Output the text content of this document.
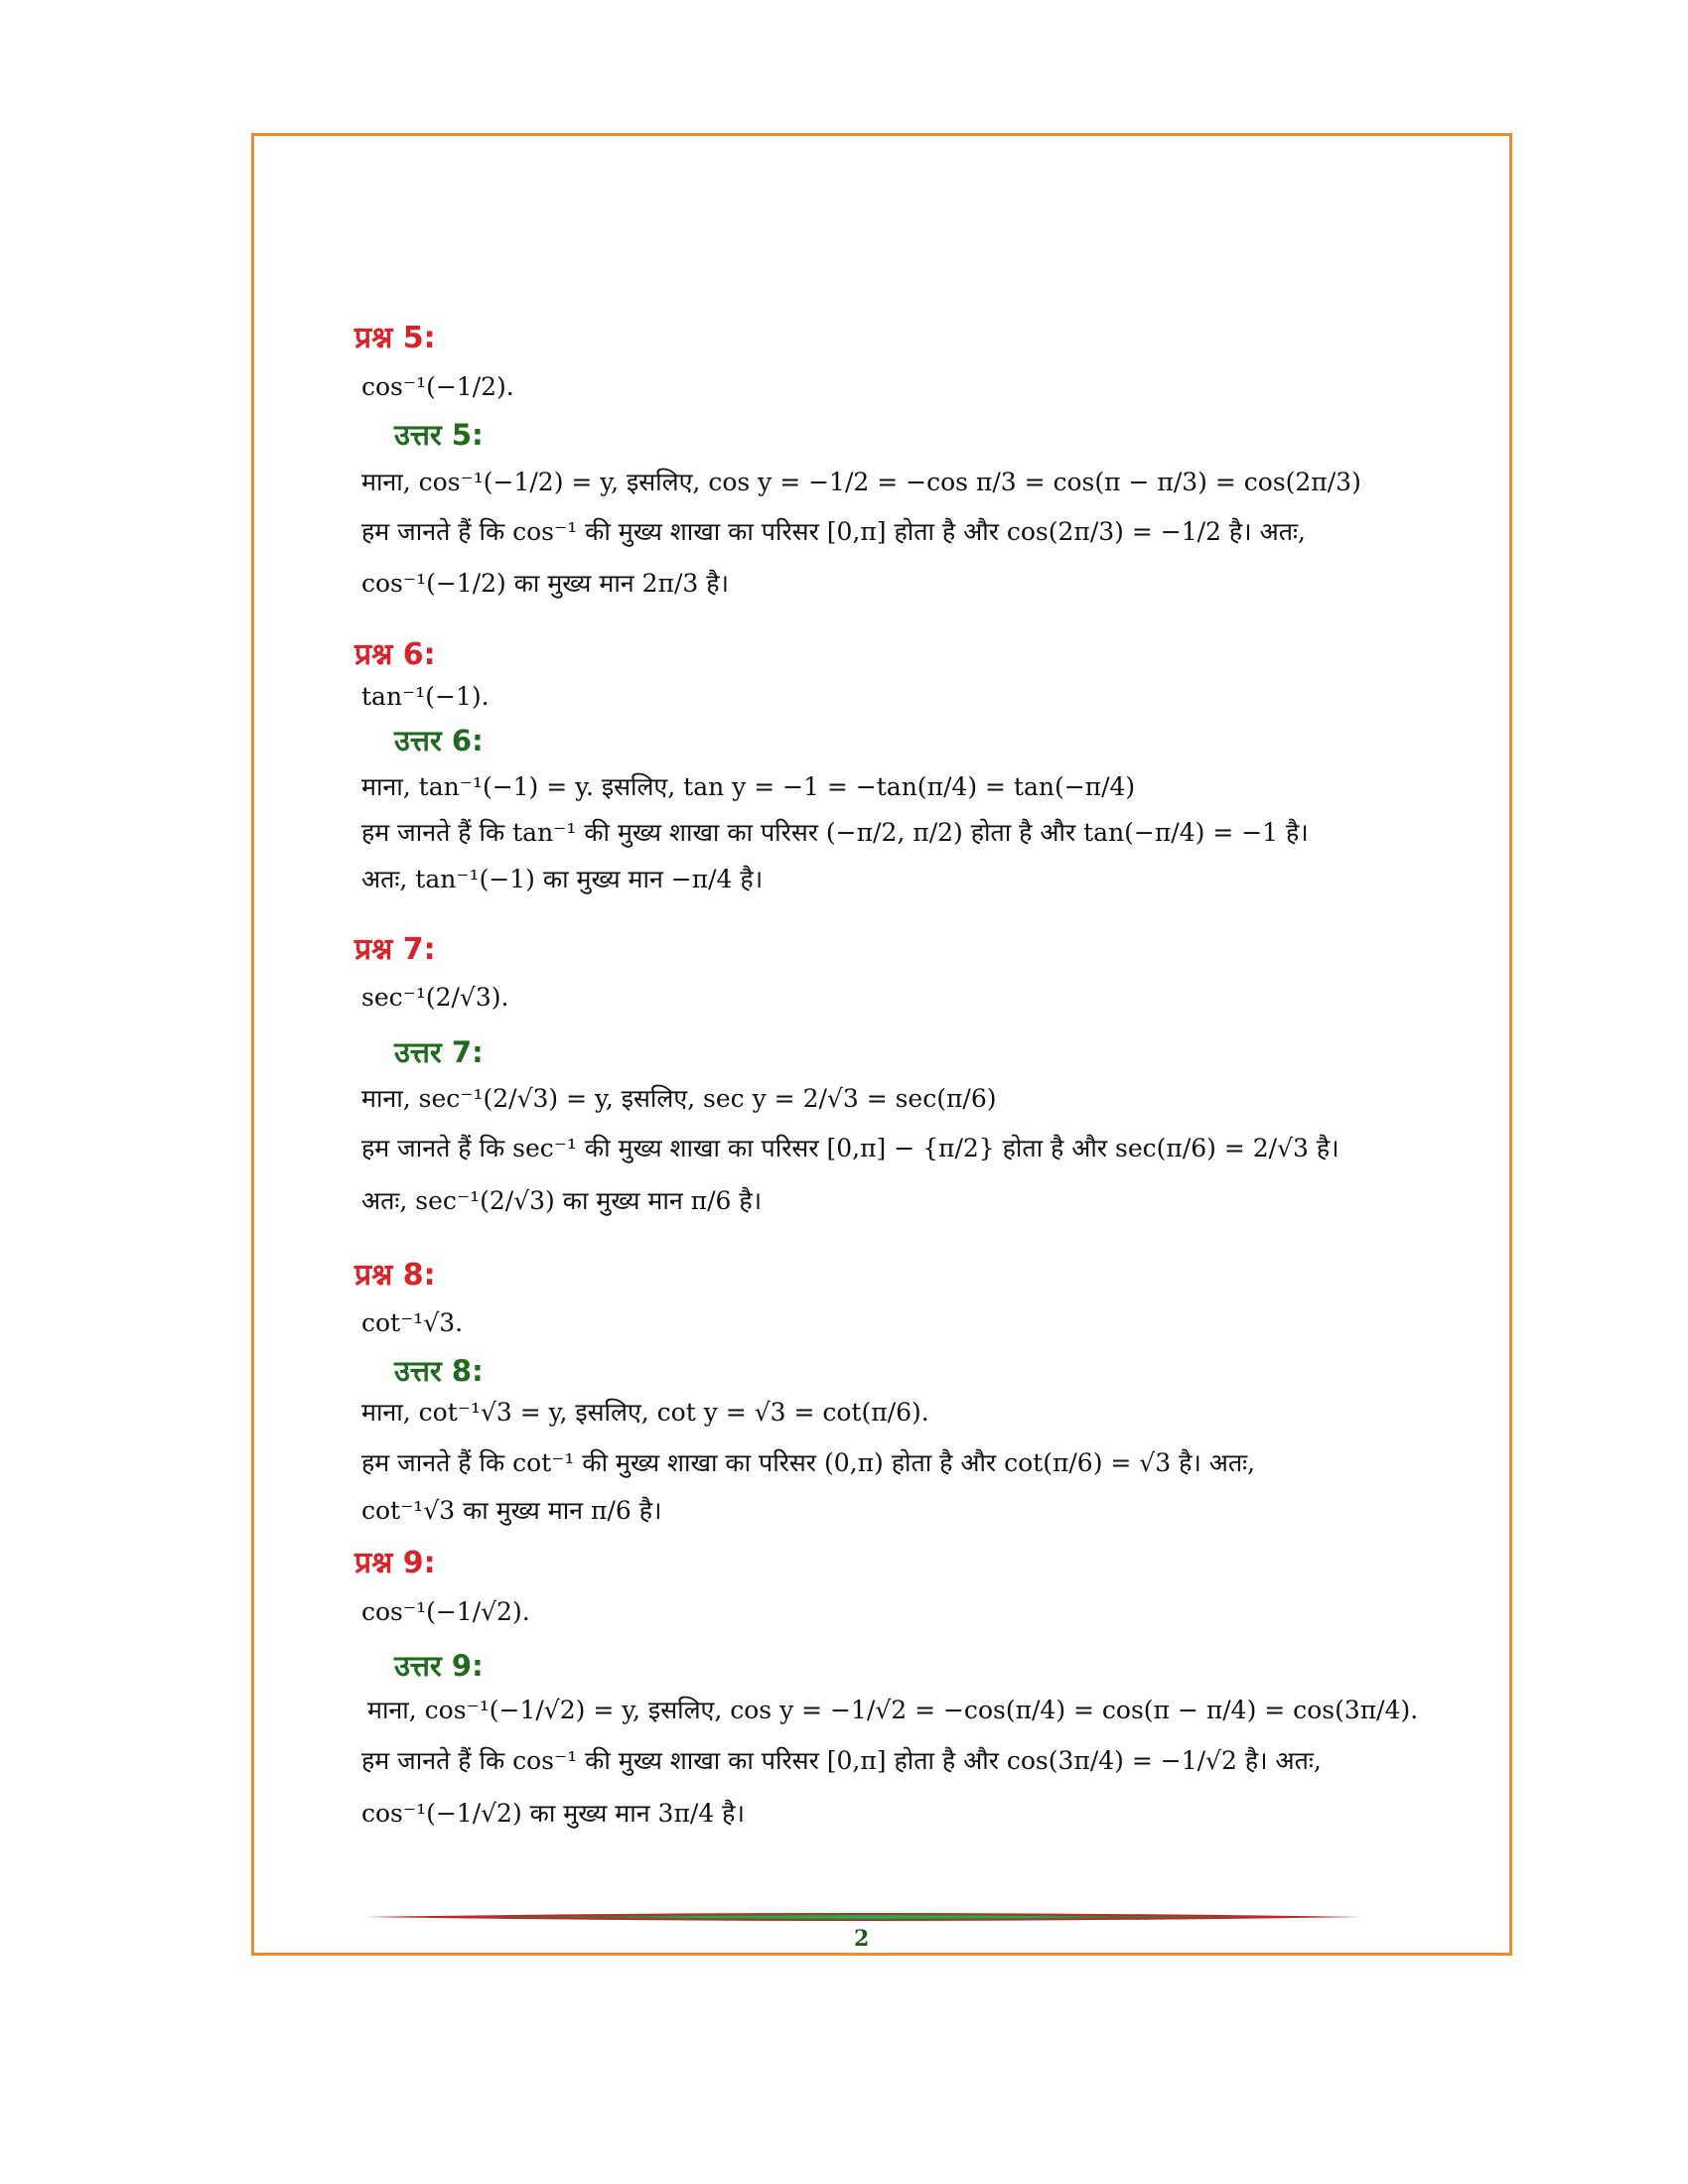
प्रश्न 5:
cos⁻¹(−1/2).
उत्तर 5:
माना, cos⁻¹(−1/2) = y, इसलिए, cos y = −1/2 = −cos π/3 = cos(π − π/3) = cos(2π/3)
हम जानते हैं कि cos⁻¹ की मुख्य शाखा का परिसर [0,π] होता है और cos(2π/3) = −1/2 है। अतः,
cos⁻¹(−1/2) का मुख्य मान 2π/3 है।
प्रश्न 6:
tan⁻¹(−1).
उत्तर 6:
माना, tan⁻¹(−1) = y. इसलिए, tan y = −1 = −tan(π/4) = tan(−π/4)
हम जानते हैं कि tan⁻¹ की मुख्य शाखा का परिसर (−π/2, π/2) होता है और tan(−π/4) = −1 है।
अतः, tan⁻¹(−1) का मुख्य मान −π/4 है।
प्रश्न 7:
sec⁻¹(2/√3).
उत्तर 7:
माना, sec⁻¹(2/√3) = y, इसलिए, sec y = 2/√3 = sec(π/6)
हम जानते हैं कि sec⁻¹ की मुख्य शाखा का परिसर [0,π] − {π/2} होता है और sec(π/6) = 2/√3 है।
अतः, sec⁻¹(2/√3) का मुख्य मान π/6 है।
प्रश्न 8:
cot⁻¹√3.
उत्तर 8:
माना, cot⁻¹√3 = y, इसलिए, cot y = √3 = cot(π/6).
हम जानते हैं कि cot⁻¹ की मुख्य शाखा का परिसर (0,π) होता है और cot(π/6) = √3 है। अतः,
cot⁻¹√3 का मुख्य मान π/6 है।
प्रश्न 9:
cos⁻¹(−1/√2).
उत्तर 9:
माना, cos⁻¹(−1/√2) = y, इसलिए, cos y = −1/√2 = −cos(π/4) = cos(π − π/4) = cos(3π/4).
हम जानते हैं कि cos⁻¹ की मुख्य शाखा का परिसर [0,π] होता है और cos(3π/4) = −1/√2 है। अतः,
cos⁻¹(−1/√2) का मुख्य मान 3π/4 है।
2
